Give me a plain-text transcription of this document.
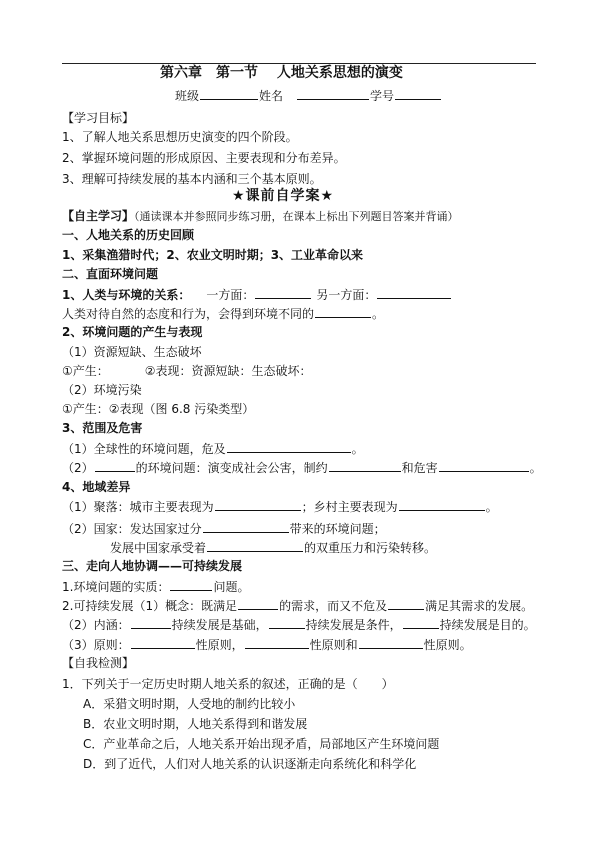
第六章　第一节　 人地关系思想的演变
班级	姓名	学号
【学习目标】
1、了解人地关系思想历史演变的四个阶段。
2、掌握环境问题的形成原因、主要表现和分布差异。
3、理解可持续发展的基本内涵和三个基本原则。
★课前自学案★
【自主学习】（通读课本并参照同步练习册，在课本上标出下列题目答案并背诵）
一、人地关系的历史回顾
1、采集渔猎时代；2、农业文明时期；3、工业革命以来
二、直面环境问题
1、人类与环境的关系： 一方面：	另一方面：
人类对待自然的态度和行为，会得到环境不同的	。
2、环境问题的产生与表现
（1）资源短缺、生态破坏
①产生：	②表现：资源短缺：生态破坏：
（2）环境污染
①产生：②表现（图 6.8 污染类型）
3、范围及危害
（1）全球性的环境问题，危及	。
（2）	的环境问题：演变成社会公害，制约	和危害	。
4、地域差异
（1）聚落：城市主要表现为	；乡村主要表现为	。
（2）国家：发达国家过分	带来的环境问题；
发展中国家承受着	的双重压力和污染转移。
三、走向人地协调——可持续发展
1.环境问题的实质：	问题。
2.可持续发展（1）概念：既满足	的需求，而又不危及	满足其需求的发展。
（2）内涵：	持续发展是基础，	持续发展是条件，	持续发展是目的。
（3）原则：	性原则，	性原则和	性原则。
【自我检测】
1．下列关于一定历史时期人地关系的叙述，正确的是（　　）
A．采猎文明时期，人受地的制约比较小
B．农业文明时期，人地关系得到和谐发展
C．产业革命之后，人地关系开始出现矛盾，局部地区产生环境问题
D．到了近代，人们对人地关系的认识逐渐走向系统化和科学化
